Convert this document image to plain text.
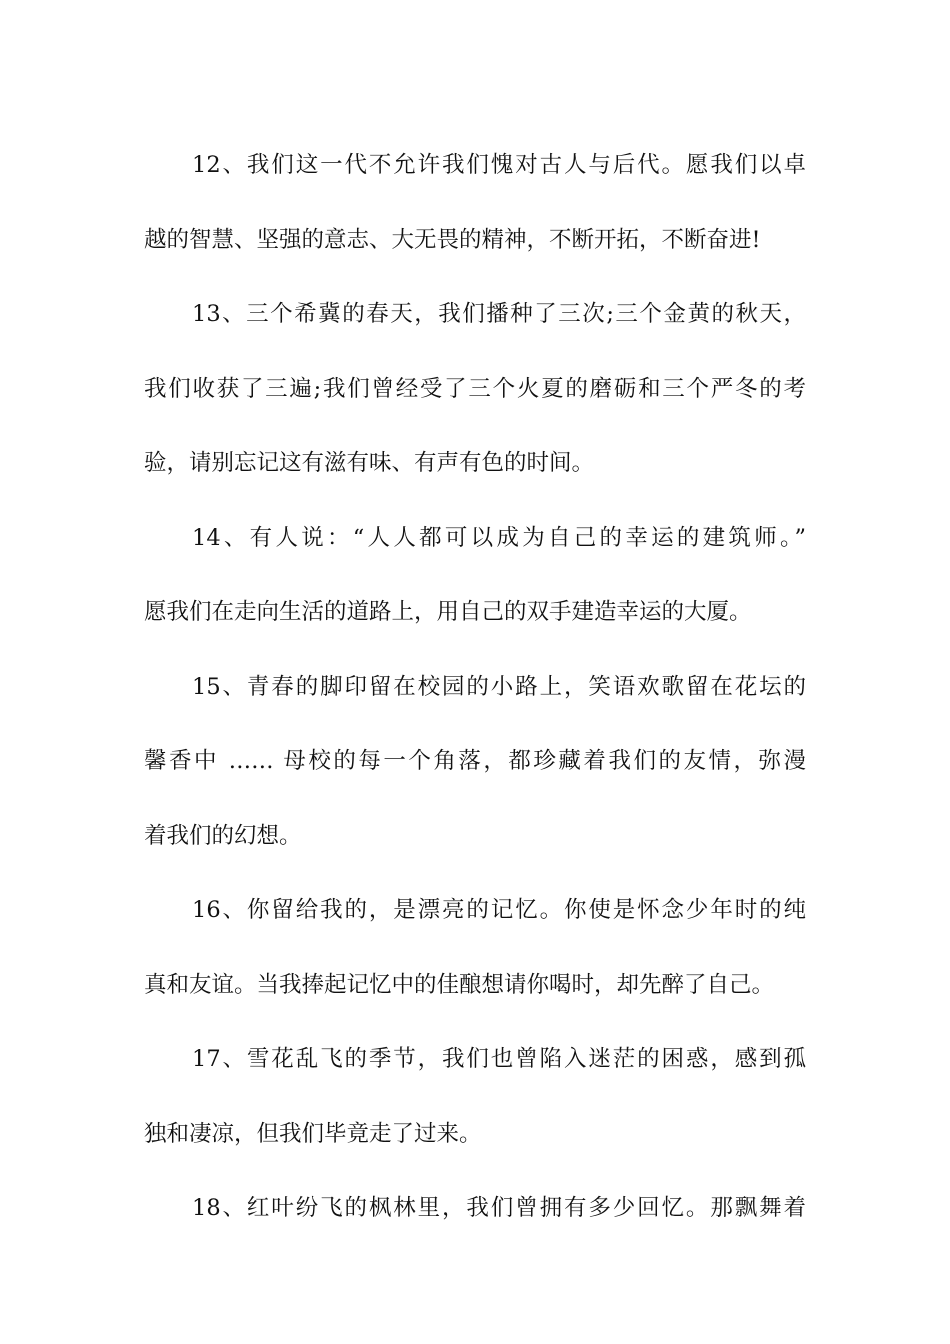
12、我们这一代不允许我们愧对古人与后代。愿我们以卓
越的智慧、坚强的意志、大无畏的精神，不断开拓，不断奋进!
13、三个希冀的春天，我们播种了三次;三个金黄的秋天，
我们收获了三遍;我们曾经受了三个火夏的磨砺和三个严冬的考
验，请别忘记这有滋有味、有声有色的时间。
14、有人说：“人人都可以成为自己的幸运的建筑师。”
愿我们在走向生活的道路上，用自己的双手建造幸运的大厦。
15、青春的脚印留在校园的小路上，笑语欢歌留在花坛的
馨香中 …… 母校的每一个角落，都珍藏着我们的友情，弥漫
着我们的幻想。
16、你留给我的，是漂亮的记忆。你使是怀念少年时的纯
真和友谊。当我捧起记忆中的佳酿想请你喝时，却先醉了自己。
17、雪花乱飞的季节，我们也曾陷入迷茫的困惑，感到孤
独和凄凉，但我们毕竟走了过来。
18、红叶纷飞的枫林里，我们曾拥有多少回忆。那飘舞着
